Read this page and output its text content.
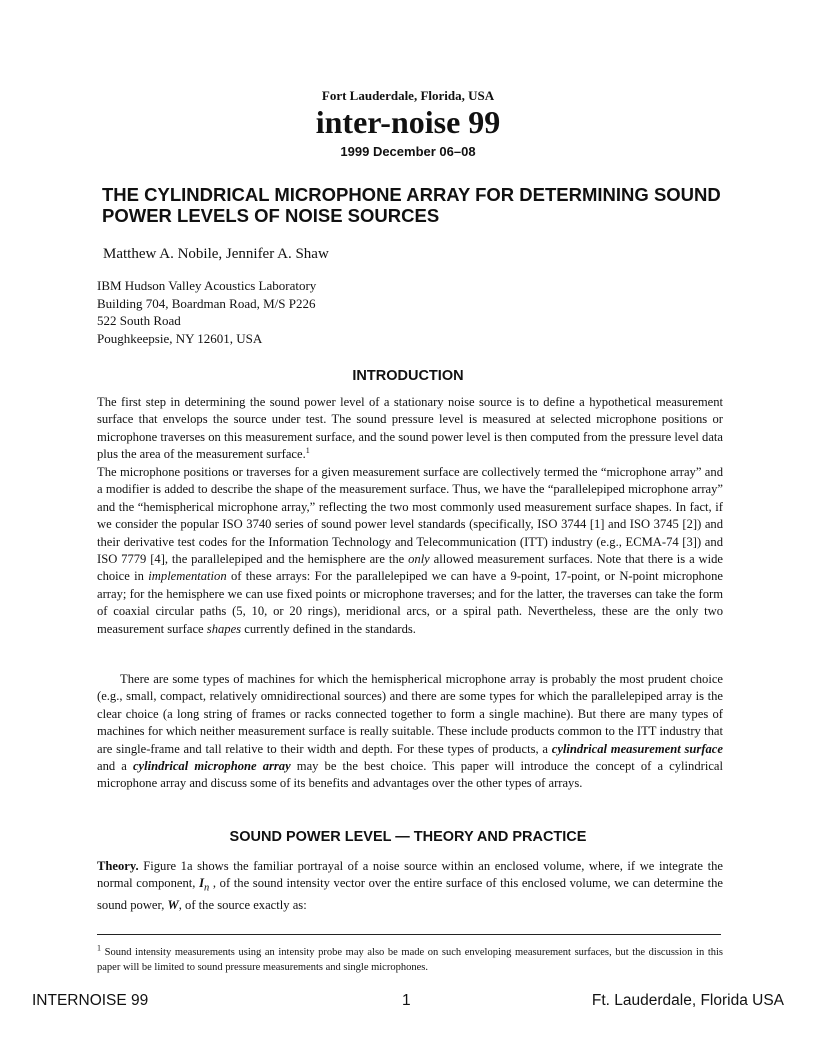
Fort Lauderdale, Florida, USA
inter-noise 99
1999 December 06–08
THE CYLINDRICAL MICROPHONE ARRAY FOR DETERMINING SOUND POWER LEVELS OF NOISE SOURCES
Matthew A. Nobile, Jennifer A. Shaw
IBM Hudson Valley Acoustics Laboratory
Building 704, Boardman Road, M/S P226
522 South Road
Poughkeepsie, NY 12601, USA
INTRODUCTION

The first step in determining the sound power level of a stationary noise source is to define a hypothetical measurement surface that envelops the source under test. The sound pressure level is measured at selected microphone positions or microphone traverses on this measurement surface, and the sound power level is then computed from the pressure level data plus the area of the measurement surface.$^1$

The microphone positions or traverses for a given measurement surface are collectively termed the “microphone array” and a modifier is added to describe the shape of the measurement surface. Thus, we have the “parallelepiped microphone array” and the “hemispherical microphone array,” reflecting the two most commonly used measurement surface shapes. In fact, if we consider the popular ISO 3740 series of sound power level standards (specifically, ISO 3744 [1] and ISO 3745 [2]) and their derivative test codes for the Information Technology and Telecommunication (ITT) industry (e.g., ECMA-74 [3]) and ISO 7779 [4], the parallelepiped and the hemisphere are the only allowed measurement surfaces. Note that there is a wide choice in implementation of these arrays: For the parallelepiped we can have a 9-point, 17-point, or N-point microphone array; for the hemisphere we can use fixed points or microphone traverses; and for the latter, the traverses can take the form of coaxial circular paths (5, 10, or 20 rings), meridional arcs, or a spiral path. Nevertheless, these are the only two measurement surface shapes currently defined in the standards.

There are some types of machines for which the hemispherical microphone array is probably the most prudent choice (e.g., small, compact, relatively omnidirectional sources) and there are some types for which the parallelepiped array is the clear choice (a long string of frames or racks connected together to form a single machine). But there are many types of machines for which neither measurement surface is really suitable. These include products common to the ITT industry that are single-frame and tall relative to their width and depth. For these types of products, a cylindrical measurement surface and a cylindrical microphone array may be the best choice. This paper will introduce the concept of a cylindrical microphone array and discuss some of its benefits and advantages over the other types of arrays.

SOUND POWER LEVEL — THEORY AND PRACTICE

Theory. Figure 1a shows the familiar portrayal of a noise source within an enclosed volume, where, if we integrate the normal component, $I_n$ , of the sound intensity vector over the entire surface of this enclosed volume, we can determine the sound power, W, of the source exactly as:

$^1$ Sound intensity measurements using an intensity probe may also be made on such enveloping measurement surfaces, but the discussion in this paper will be limited to sound pressure measurements and single microphones.

INTERNOISE 99	1	Ft. Lauderdale, Florida USA
